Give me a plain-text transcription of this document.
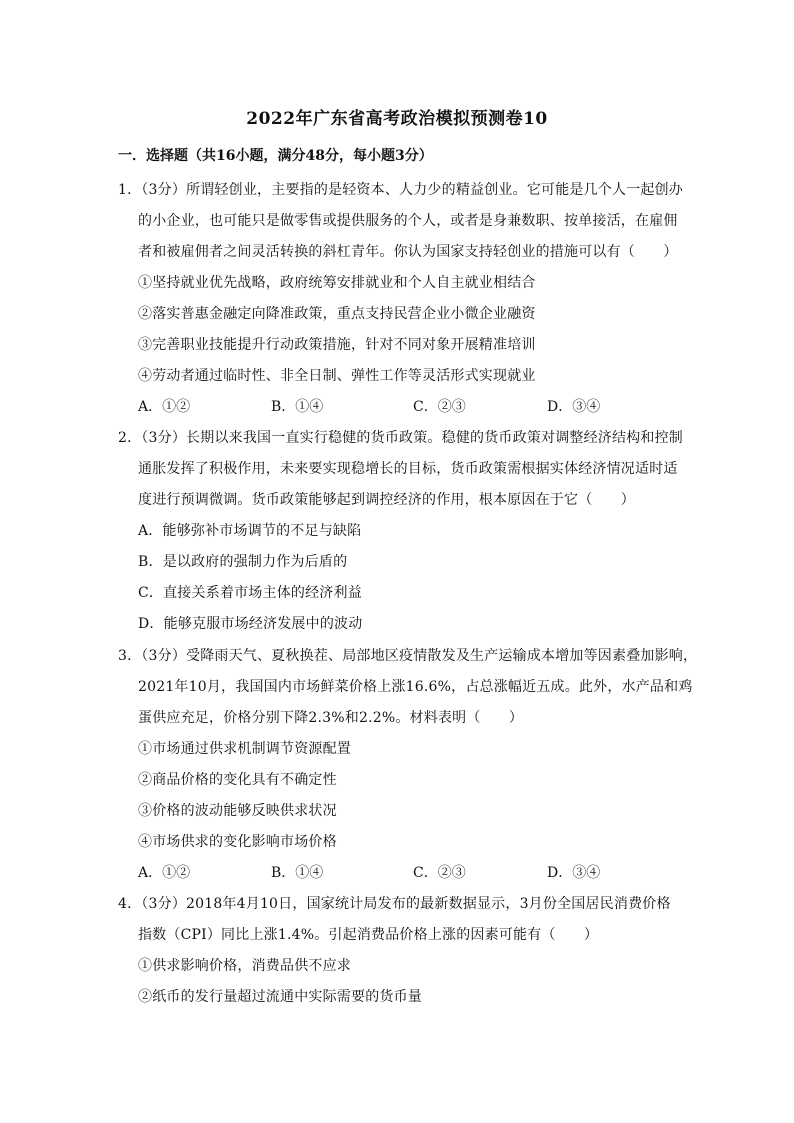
2022年广东省高考政治模拟预测卷10
一．选择题（共16小题，满分48分，每小题3分）
1．（3分）所谓轻创业，主要指的是轻资本、人力少的精益创业。它可能是几个人一起创办
的小企业，也可能只是做零售或提供服务的个人，或者是身兼数职、按单接活，在雇佣
者和被雇佣者之间灵活转换的斜杠青年。你认为国家支持轻创业的措施可以有（　　）
①坚持就业优先战略，政府统筹安排就业和个人自主就业相结合
②落实普惠金融定向降准政策，重点支持民营企业小微企业融资
③完善职业技能提升行动政策措施，针对不同对象开展精准培训
④劳动者通过临时性、非全日制、弹性工作等灵活形式实现就业
A．①②	B．①④	C．②③	D．③④
2．（3分）长期以来我国一直实行稳健的货币政策。稳健的货币政策对调整经济结构和控制
通胀发挥了积极作用，未来要实现稳增长的目标，货币政策需根据实体经济情况适时适
度进行预调微调。货币政策能够起到调控经济的作用，根本原因在于它（　　）
A．能够弥补市场调节的不足与缺陷
B．是以政府的强制力作为后盾的
C．直接关系着市场主体的经济利益
D．能够克服市场经济发展中的波动
3．（3分）受降雨天气、夏秋换茬、局部地区疫情散发及生产运输成本增加等因素叠加影响，
2021年10月，我国国内市场鲜菜价格上涨16.6%，占总涨幅近五成。此外，水产品和鸡
蛋供应充足，价格分别下降2.3%和2.2%。材料表明（　　）
①市场通过供求机制调节资源配置
②商品价格的变化具有不确定性
③价格的波动能够反映供求状况
④市场供求的变化影响市场价格
A．①②	B．①④	C．②③	D．③④
4．（3分）2018年4月10日，国家统计局发布的最新数据显示，3月份全国居民消费价格
指数（CPI）同比上涨1.4%。引起消费品价格上涨的因素可能有（　　）
①供求影响价格，消费品供不应求
②纸币的发行量超过流通中实际需要的货币量
